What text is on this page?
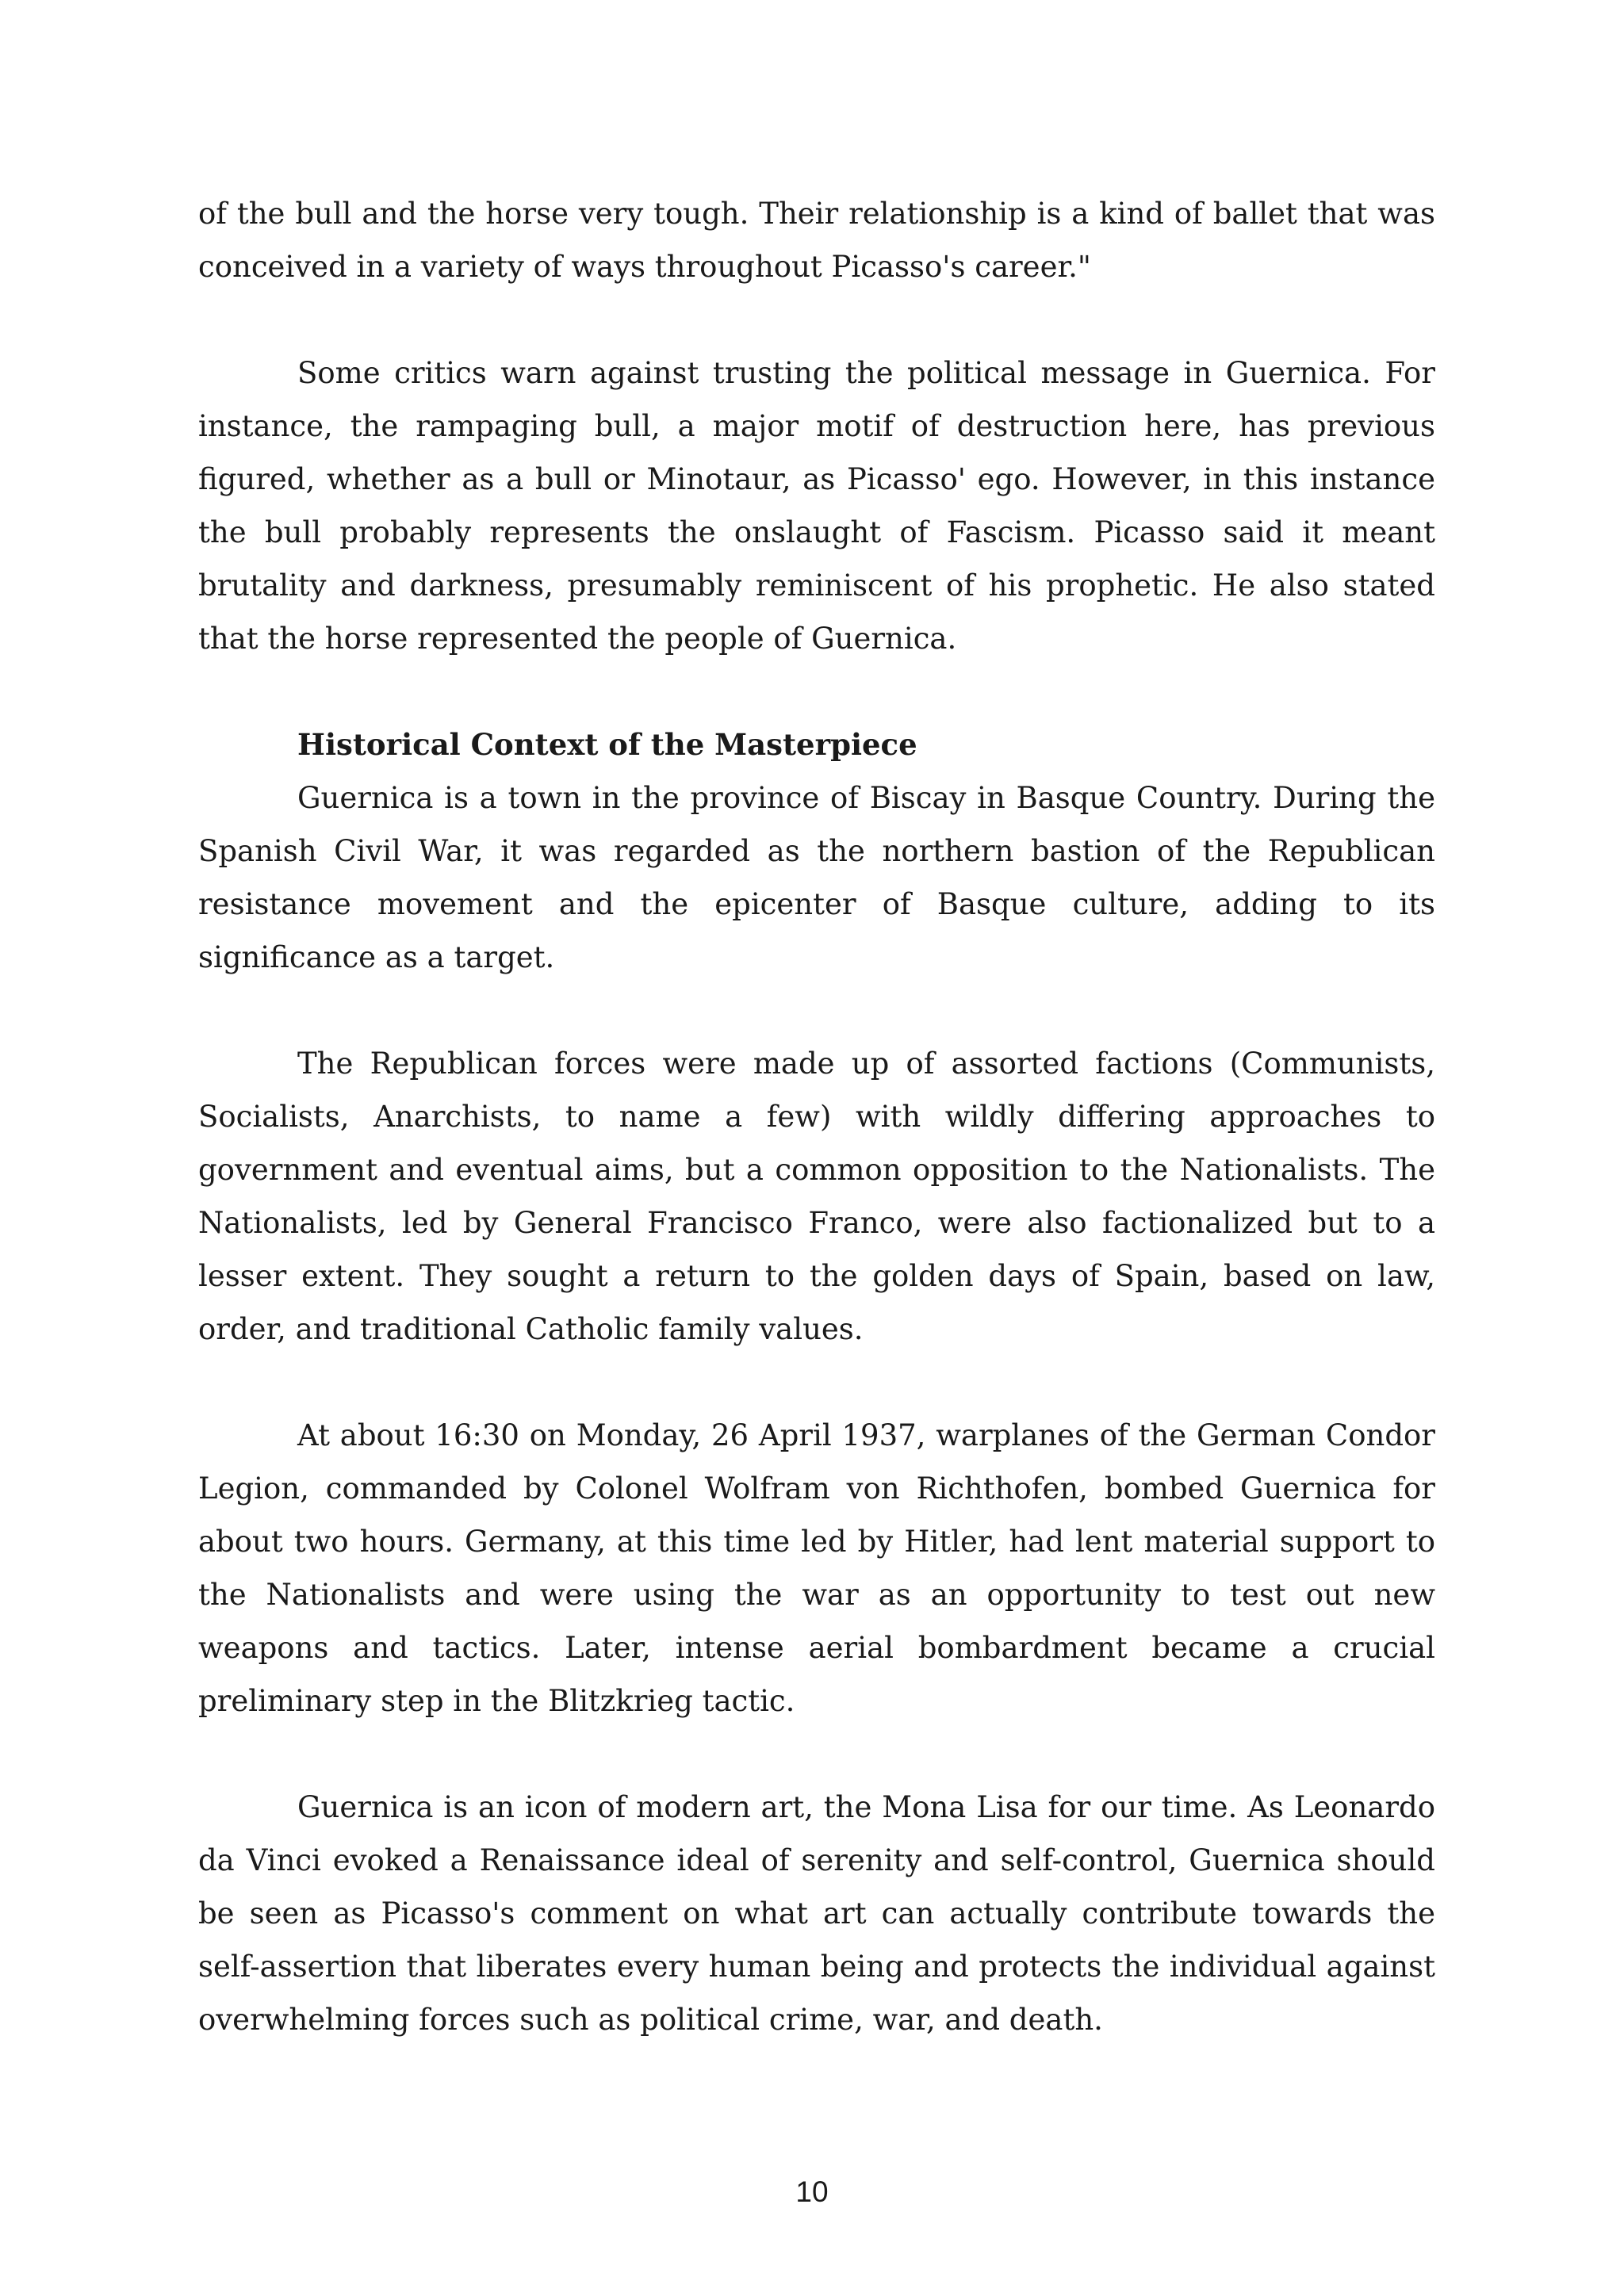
of the bull and the horse very tough. Their relationship is a kind of ballet that was conceived in a variety of ways throughout Picasso's career."

Some critics warn against trusting the political message in Guernica. For instance, the rampaging bull, a major motif of destruction here, has previous figured, whether as a bull or Minotaur, as Picasso' ego. However, in this instance the bull probably represents the onslaught of Fascism. Picasso said it meant brutality and darkness, presumably reminiscent of his prophetic. He also stated that the horse represented the people of Guernica.

Historical Context of the Masterpiece

Guernica is a town in the province of Biscay in Basque Country. During the Spanish Civil War, it was regarded as the northern bastion of the Republican resistance movement and the epicenter of Basque culture, adding to its significance as a target.

The Republican forces were made up of assorted factions (Communists, Socialists, Anarchists, to name a few) with wildly differing approaches to government and eventual aims, but a common opposition to the Nationalists. The Nationalists, led by General Francisco Franco, were also factionalized but to a lesser extent. They sought a return to the golden days of Spain, based on law, order, and traditional Catholic family values.

At about 16:30 on Monday, 26 April 1937, warplanes of the German Condor Legion, commanded by Colonel Wolfram von Richthofen, bombed Guernica for about two hours. Germany, at this time led by Hitler, had lent material support to the Nationalists and were using the war as an opportunity to test out new weapons and tactics. Later, intense aerial bombardment became a crucial preliminary step in the Blitzkrieg tactic.

Guernica is an icon of modern art, the Mona Lisa for our time. As Leonardo da Vinci evoked a Renaissance ideal of serenity and self-control, Guernica should be seen as Picasso's comment on what art can actually contribute towards the self-assertion that liberates every human being and protects the individual against overwhelming forces such as political crime, war, and death.

10
